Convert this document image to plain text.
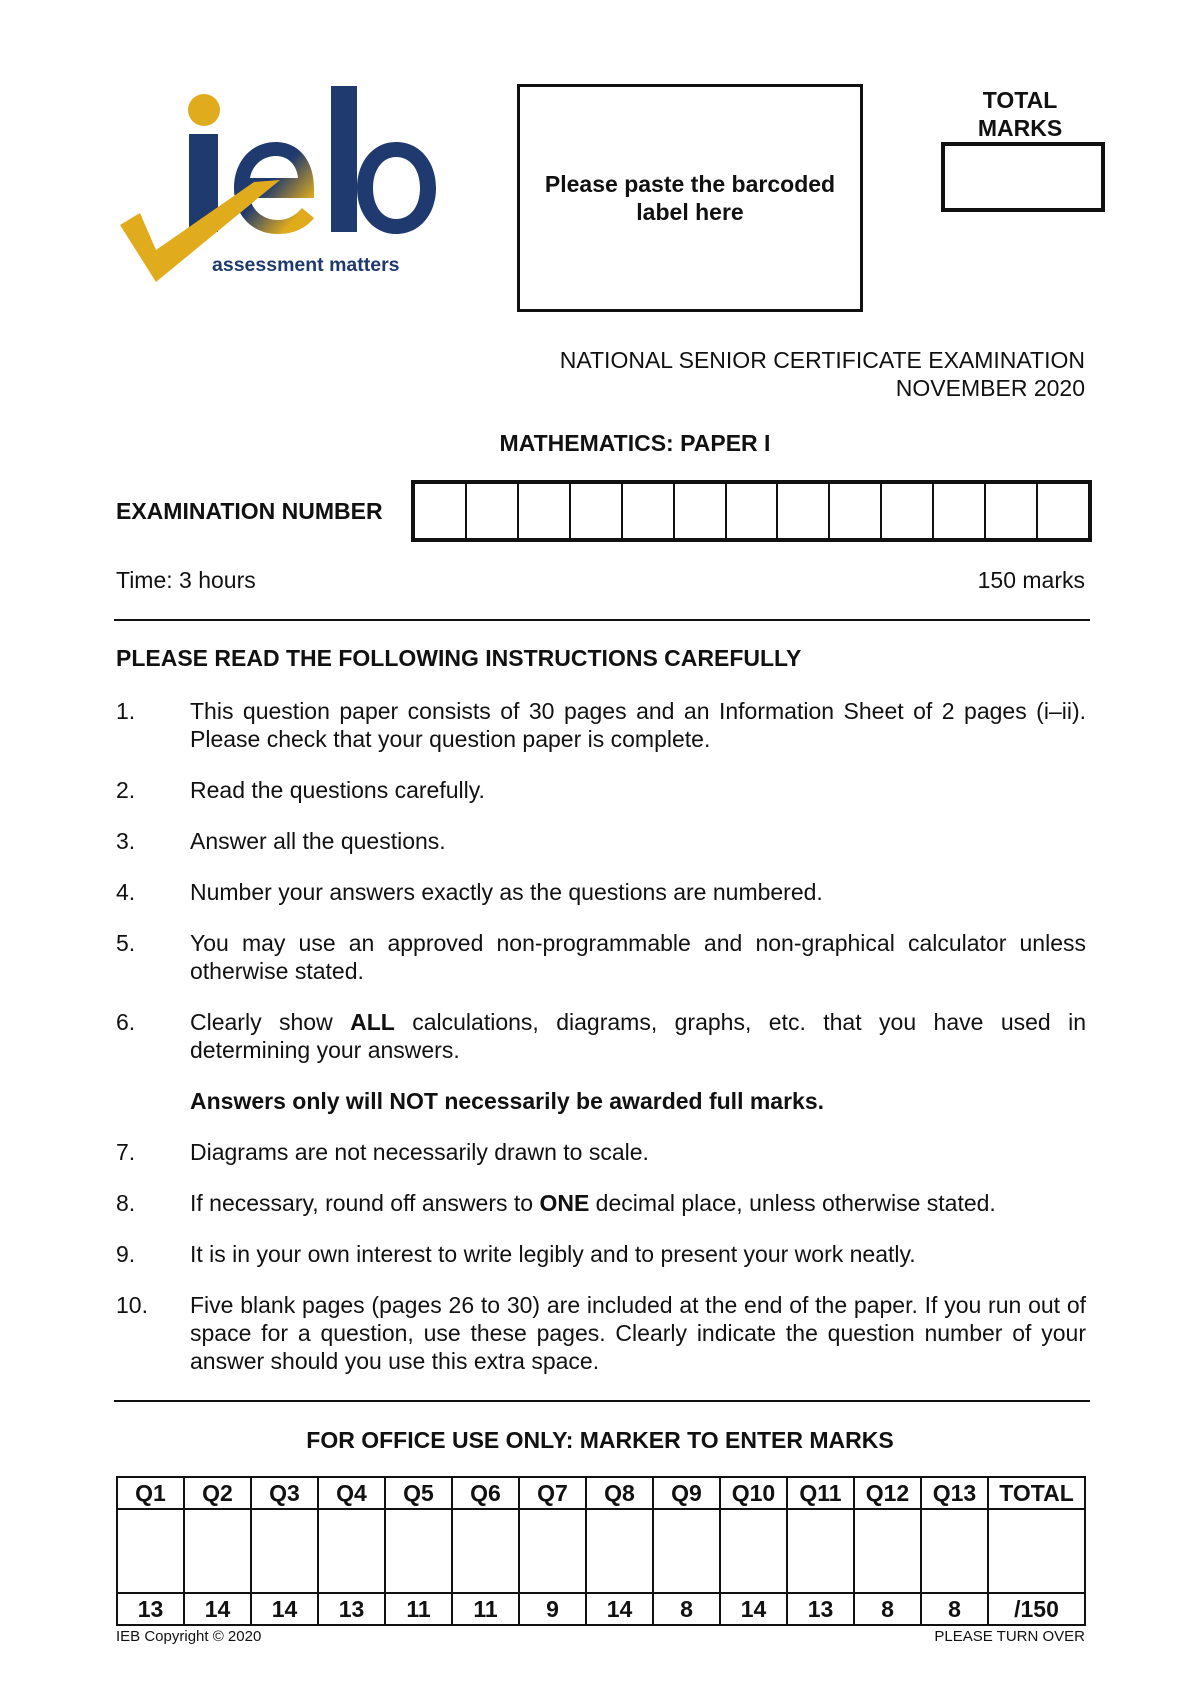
assessment matters
Please paste the barcoded label here
TOTAL MARKS
NATIONAL SENIOR CERTIFICATE EXAMINATION
NOVEMBER 2020
MATHEMATICS: PAPER I
EXAMINATION NUMBER
Time: 3 hours	150 marks
PLEASE READ THE FOLLOWING INSTRUCTIONS CAREFULLY
1.	This question paper consists of 30 pages and an Information Sheet of 2 pages (i–ii). Please check that your question paper is complete.
2.	Read the questions carefully.
3.	Answer all the questions.
4.	Number your answers exactly as the questions are numbered.
5.	You may use an approved non-programmable and non-graphical calculator unless otherwise stated.
6.	Clearly show ALL calculations, diagrams, graphs, etc. that you have used in determining your answers.
Answers only will NOT necessarily be awarded full marks.
7.	Diagrams are not necessarily drawn to scale.
8.	If necessary, round off answers to ONE decimal place, unless otherwise stated.
9.	It is in your own interest to write legibly and to present your work neatly.
10.	Five blank pages (pages 26 to 30) are included at the end of the paper. If you run out of space for a question, use these pages. Clearly indicate the question number of your answer should you use this extra space.
FOR OFFICE USE ONLY: MARKER TO ENTER MARKS
Q1	Q2	Q3	Q4	Q5	Q6	Q7	Q8	Q9	Q10	Q11	Q12	Q13	TOTAL

13	14	14	13	11	11	9	14	8	14	13	8	8	/150
IEB Copyright © 2020	PLEASE TURN OVER
